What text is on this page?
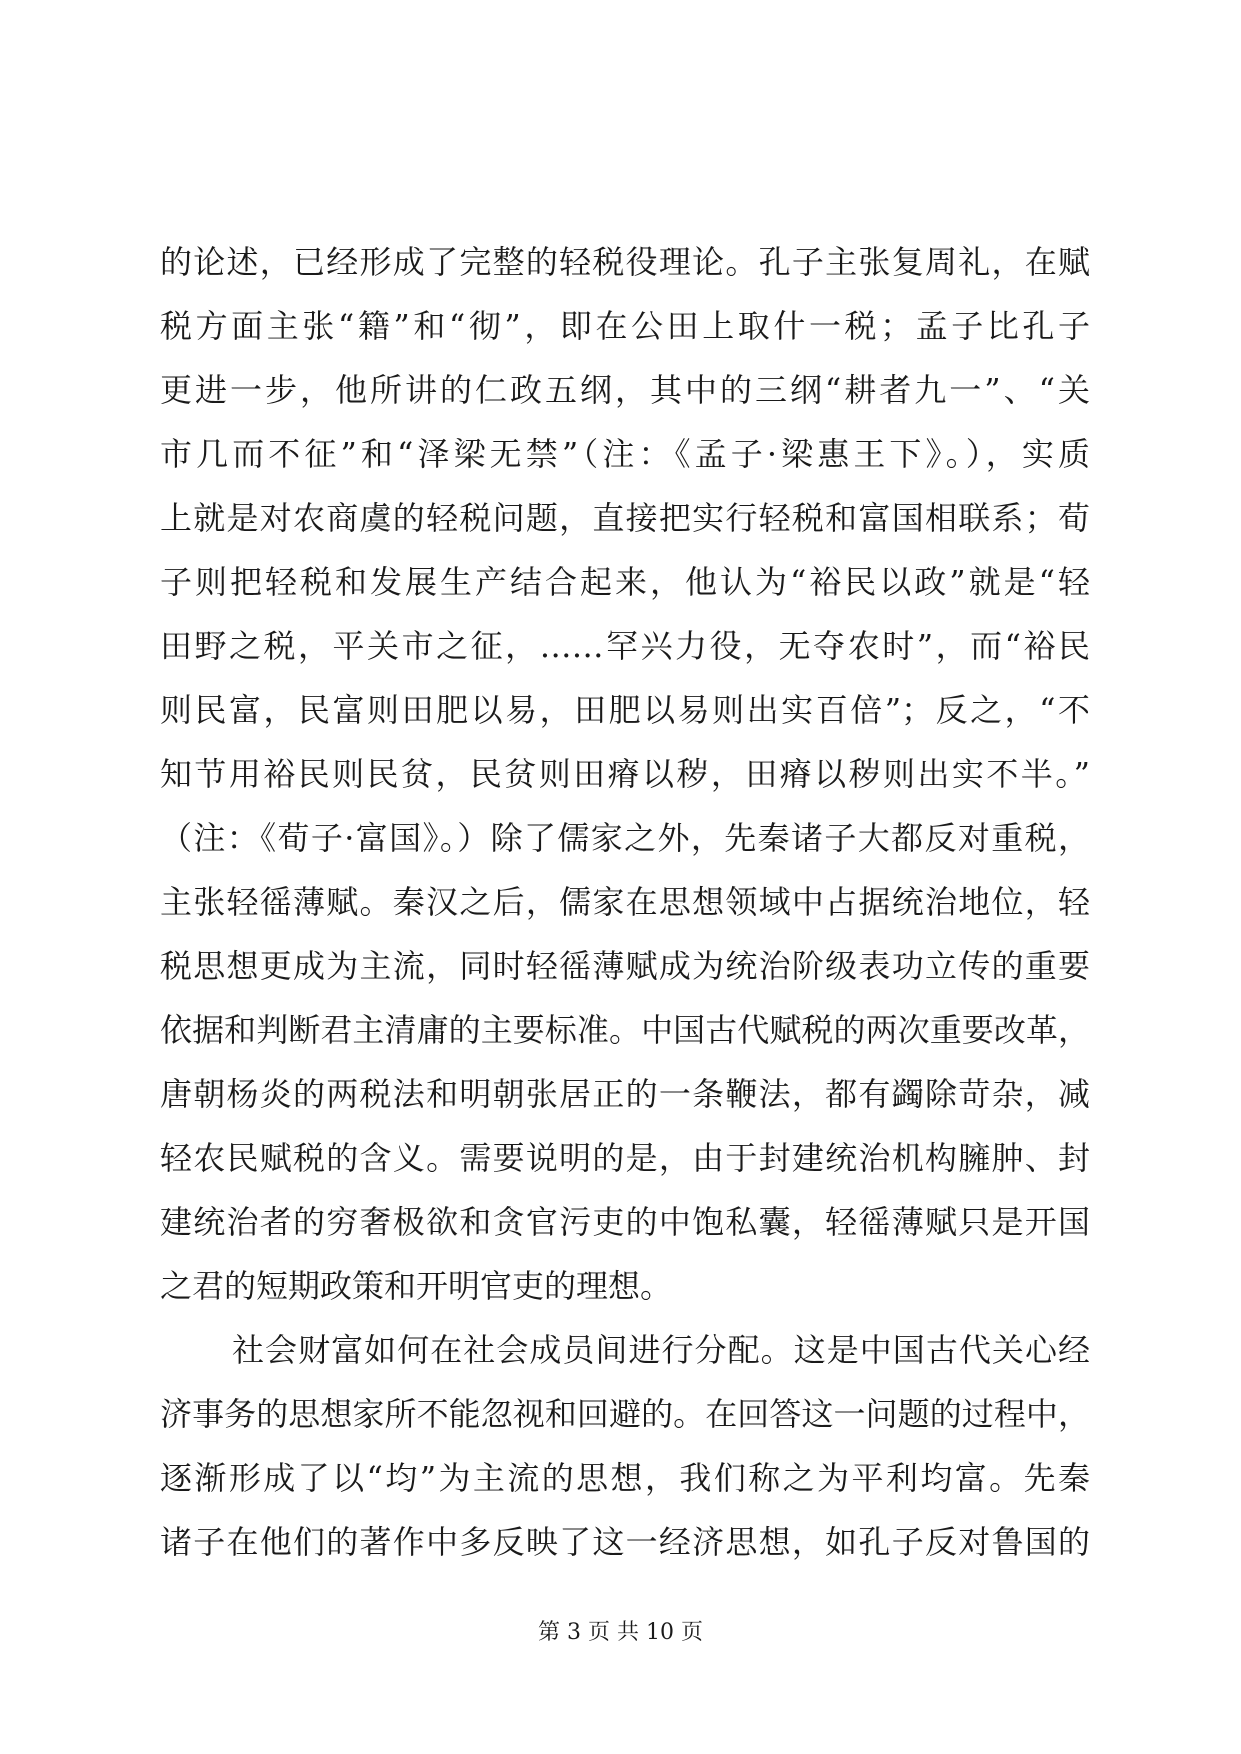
的论述，已经形成了完整的轻税役理论。孔子主张复周礼，在赋
税方面主张“籍”和“彻”，即在公田上取什一税；孟子比孔子
更进一步，他所讲的仁政五纲，其中的三纲“耕者九一”、“关
市几而不征”和“泽梁无禁”（注：《孟子·梁惠王下》。），实质
上就是对农商虞的轻税问题，直接把实行轻税和富国相联系；荀
子则把轻税和发展生产结合起来，他认为“裕民以政”就是“轻
田野之税，平关市之征，……罕兴力役，无夺农时”，而“裕民
则民富，民富则田肥以易，田肥以易则出实百倍”；反之，“不
知节用裕民则民贫，民贫则田瘠以秽，田瘠以秽则出实不半。”
（注：《荀子·富国》。）除了儒家之外，先秦诸子大都反对重税，
主张轻徭薄赋。秦汉之后，儒家在思想领域中占据统治地位，轻
税思想更成为主流，同时轻徭薄赋成为统治阶级表功立传的重要
依据和判断君主清庸的主要标准。中国古代赋税的两次重要改革，
唐朝杨炎的两税法和明朝张居正的一条鞭法，都有蠲除苛杂，减
轻农民赋税的含义。需要说明的是，由于封建统治机构臃肿、封
建统治者的穷奢极欲和贪官污吏的中饱私囊，轻徭薄赋只是开国
之君的短期政策和开明官吏的理想。
社会财富如何在社会成员间进行分配。这是中国古代关心经
济事务的思想家所不能忽视和回避的。在回答这一问题的过程中，
逐渐形成了以“均”为主流的思想，我们称之为平利均富。先秦
诸子在他们的著作中多反映了这一经济思想，如孔子反对鲁国的
第 3 页 共 10 页
